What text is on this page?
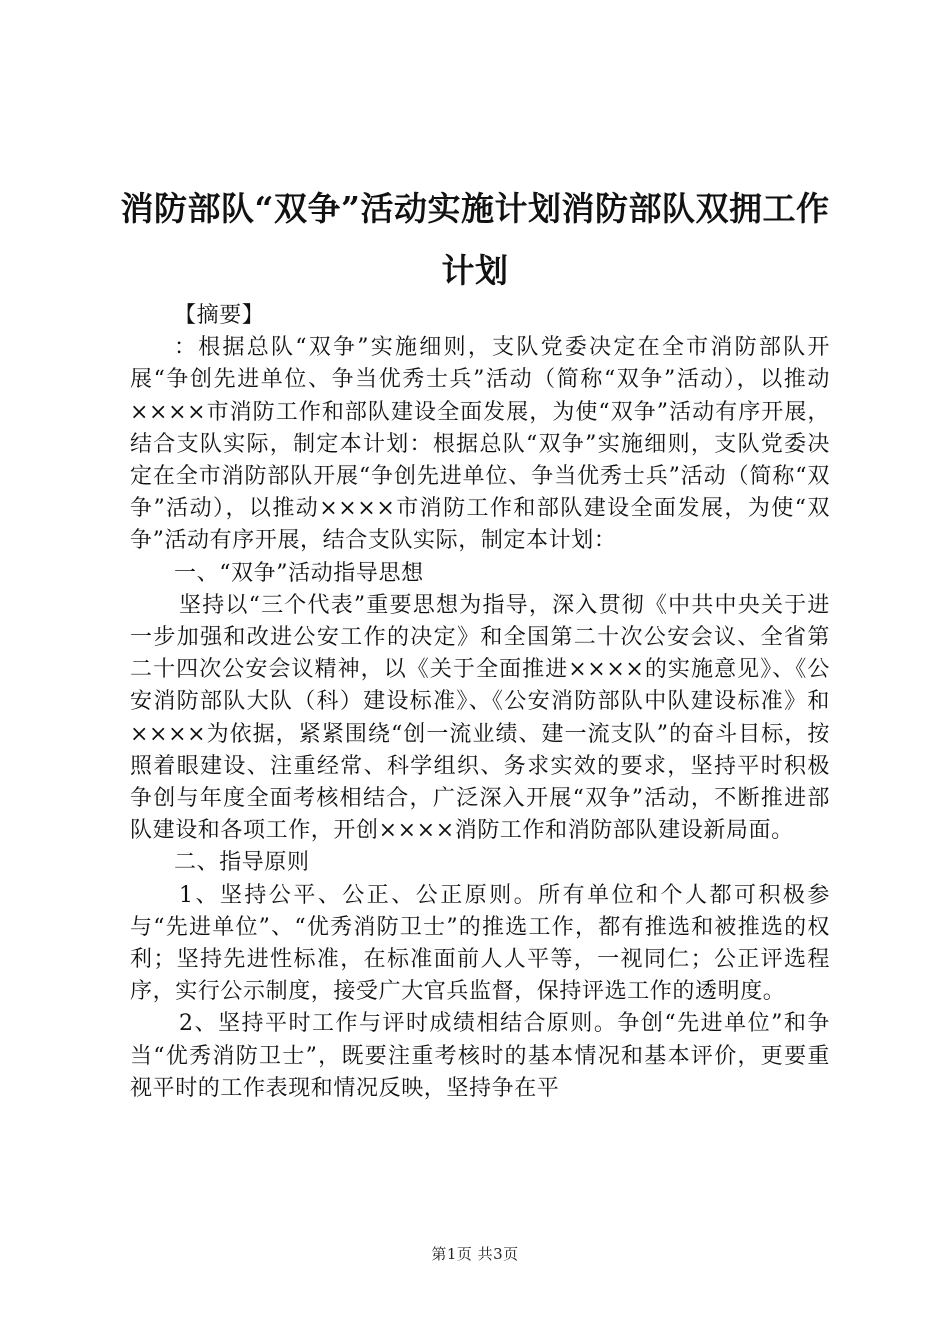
消防部队“双争”活动实施计划消防部队双拥工作计划

【摘要】

：根据总队“双争”实施细则，支队党委决定在全市消防部队开展“争创先进单位、争当优秀士兵”活动（简称“双争”活动），以推动××××市消防工作和部队建设全面发展，为使“双争”活动有序开展，结合支队实际，制定本计划：根据总队“双争”实施细则，支队党委决定在全市消防部队开展“争创先进单位、争当优秀士兵”活动（简称“双争”活动），以推动××××市消防工作和部队建设全面发展，为使“双争”活动有序开展，结合支队实际，制定本计划：

一、“双争”活动指导思想

坚持以“三个代表”重要思想为指导，深入贯彻《中共中央关于进一步加强和改进公安工作的决定》和全国第二十次公安会议、全省第二十四次公安会议精神，以《关于全面推进××××的实施意见》、《公安消防部队大队（科）建设标准》、《公安消防部队中队建设标准》和××××为依据，紧紧围绕“创一流业绩、建一流支队”的奋斗目标，按照着眼建设、注重经常、科学组织、务求实效的要求，坚持平时积极争创与年度全面考核相结合，广泛深入开展“双争”活动，不断推进部队建设和各项工作，开创××××消防工作和消防部队建设新局面。

二、指导原则

1、坚持公平、公正、公正原则。所有单位和个人都可积极参与“先进单位”、“优秀消防卫士”的推选工作，都有推选和被推选的权利；坚持先进性标准，在标准面前人人平等，一视同仁；公正评选程序，实行公示制度，接受广大官兵监督，保持评选工作的透明度。

2、坚持平时工作与评时成绩相结合原则。争创“先进单位”和争当“优秀消防卫士”，既要注重考核时的基本情况和基本评价，更要重视平时的工作表现和情况反映，坚持争在平

第1页 共3页
